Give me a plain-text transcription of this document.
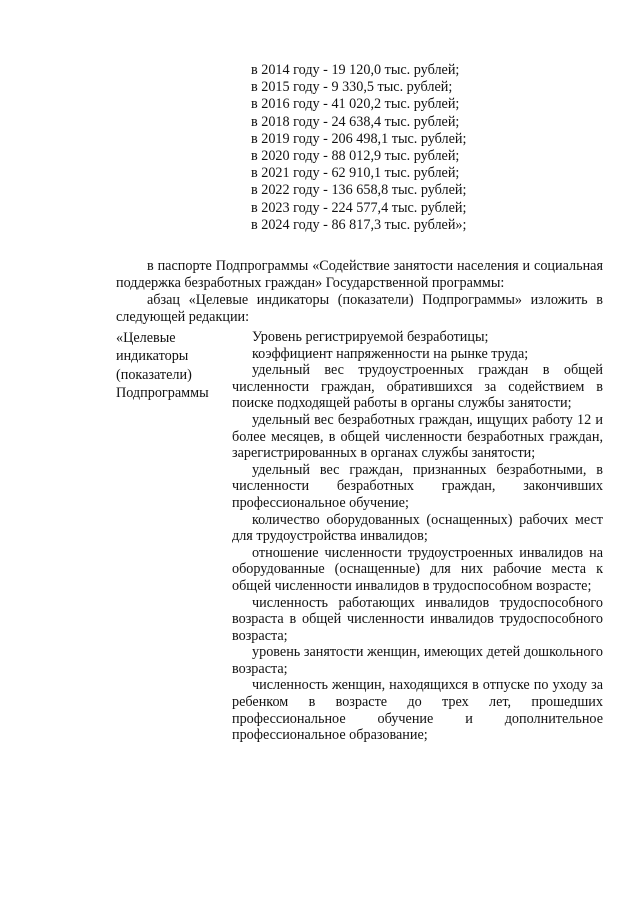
в 2014 году - 19 120,0 тыс. рублей;
в 2015 году - 9 330,5 тыс. рублей;
в 2016 году - 41 020,2 тыс. рублей;
в 2018 году - 24 638,4 тыс. рублей;
в 2019 году - 206 498,1 тыс. рублей;
в 2020 году - 88 012,9 тыс. рублей;
в 2021 году - 62 910,1 тыс. рублей;
в 2022 году - 136 658,8 тыс. рублей;
в 2023 году - 224 577,4 тыс. рублей;
в 2024 году - 86 817,3 тыс. рублей»;

в паспорте Подпрограммы «Содействие занятости населения и социальная поддержка безработных граждан» Государственной программы:

абзац «Целевые индикаторы (показатели) Подпрограммы» изложить в следующей редакции:

«Целевые
индикаторы
(показатели)
Подпрограммы

Уровень регистрируемой безработицы;

коэффициент напряженности на рынке труда;

удельный вес трудоустроенных граждан в общей численности граждан, обратившихся за содействием в поиске подходящей работы в органы службы занятости;

удельный вес безработных граждан, ищущих работу 12 и более месяцев, в общей численности безработных граждан, зарегистрированных в органах службы занятости;

удельный вес граждан, признанных безработными, в численности безработных граждан, закончивших профессиональное обучение;

количество оборудованных (оснащенных) рабочих мест для трудоустройства инвалидов;

отношение численности трудоустроенных инвалидов на оборудованные (оснащенные) для них рабочие места к общей численности инвалидов в трудоспособном возрасте;

численность работающих инвалидов трудоспособного возраста в общей численности инвалидов трудоспособного возраста;

уровень занятости женщин, имеющих детей дошкольного возраста;

численность женщин, находящихся в отпуске по уходу за ребенком в возрасте до трех лет, прошедших профессиональное обучение и дополнительное профессиональное образование;
